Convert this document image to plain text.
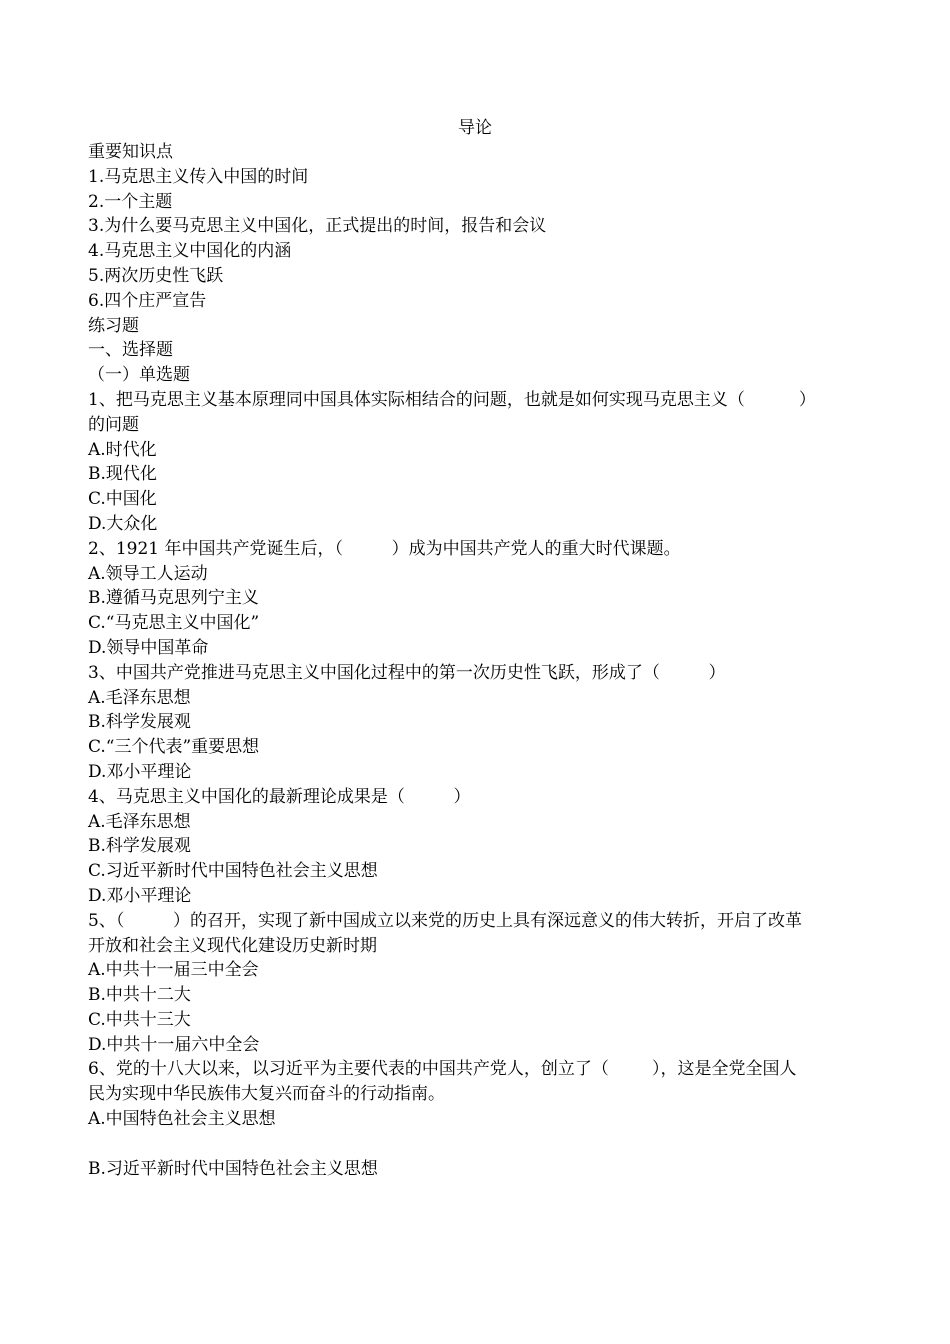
导论

重要知识点

1.马克思主义传入中国的时间

2.一个主题

3.为什么要马克思主义中国化，正式提出的时间，报告和会议

4.马克思主义中国化的内涵

5.两次历史性飞跃

6.四个庄严宣告

练习题

一、选择题

（一）单选题

1、把马克思主义基本原理同中国具体实际相结合的问题，也就是如何实现马克思主义（          ）

的问题

A.时代化

B.现代化

C.中国化

D.大众化

2、1921 年中国共产党诞生后，（         ）成为中国共产党人的重大时代课题。

A.领导工人运动

B.遵循马克思列宁主义

C.“马克思主义中国化”

D.领导中国革命

3、中国共产党推进马克思主义中国化过程中的第一次历史性飞跃，形成了（         ）

A.毛泽东思想

B.科学发展观

C.“三个代表”重要思想

D.邓小平理论

4、马克思主义中国化的最新理论成果是（         ）

A.毛泽东思想

B.科学发展观

C.习近平新时代中国特色社会主义思想

D.邓小平理论

5、（         ）的召开，实现了新中国成立以来党的历史上具有深远意义的伟大转折，开启了改革

开放和社会主义现代化建设历史新时期

A.中共十一届三中全会

B.中共十二大

C.中共十三大

D.中共十一届六中全会

6、党的十八大以来，以习近平为主要代表的中国共产党人，创立了（        ），这是全党全国人

民为实现中华民族伟大复兴而奋斗的行动指南。

A.中国特色社会主义思想

B.习近平新时代中国特色社会主义思想
